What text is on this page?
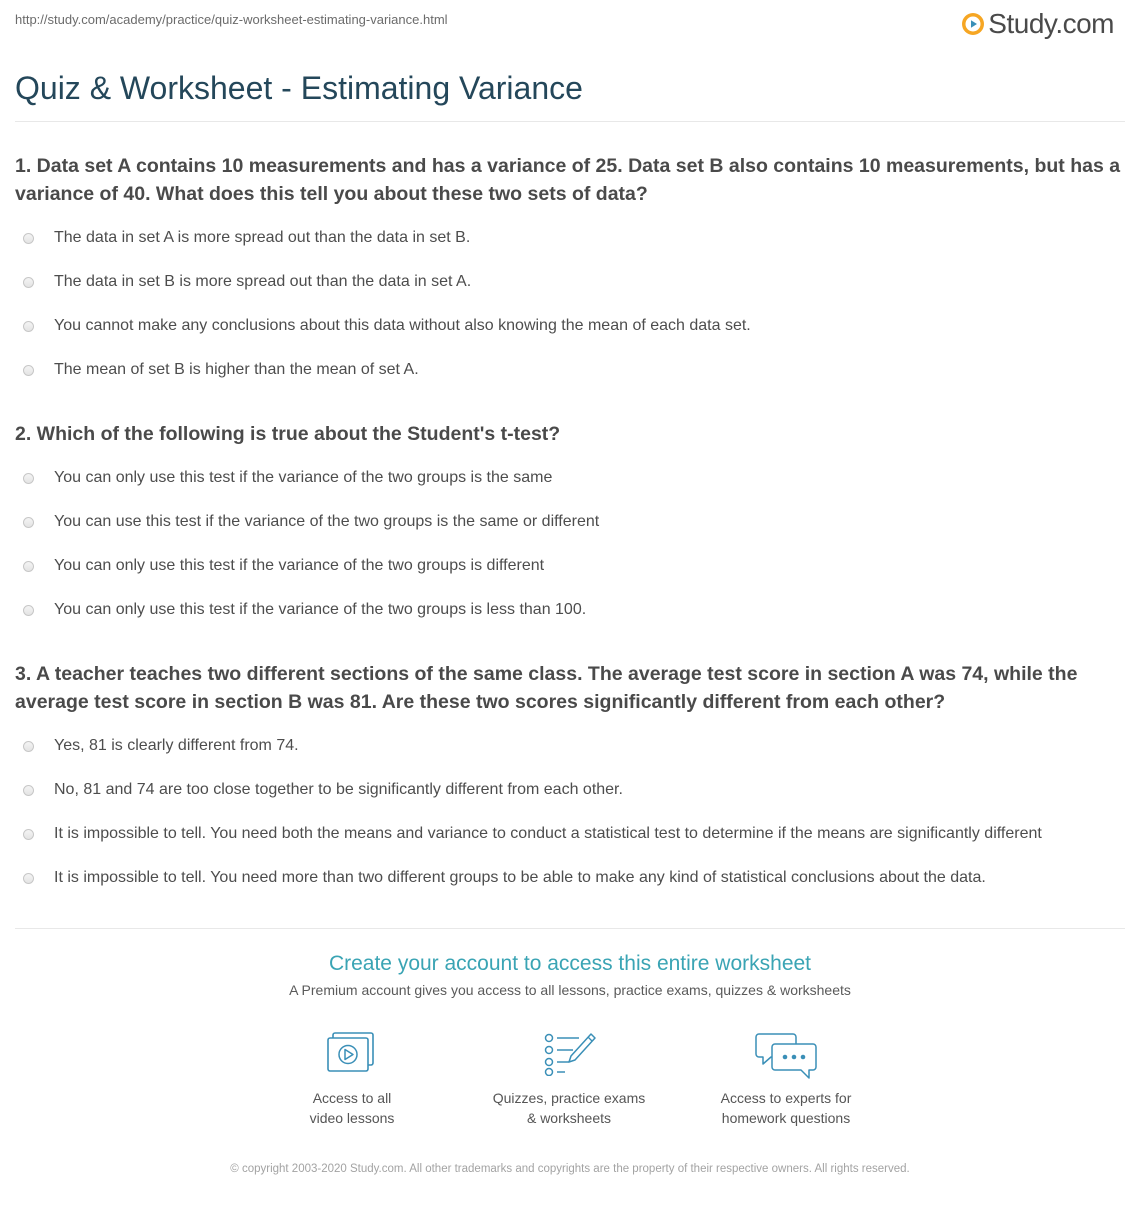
http://study.com/academy/practice/quiz-worksheet-estimating-variance.html	Study.com
Quiz & Worksheet - Estimating Variance
1. Data set A contains 10 measurements and has a variance of 25. Data set B also contains 10 measurements, but has a variance of 40. What does this tell you about these two sets of data?
The data in set A is more spread out than the data in set B.
The data in set B is more spread out than the data in set A.
You cannot make any conclusions about this data without also knowing the mean of each data set.
The mean of set B is higher than the mean of set A.
2. Which of the following is true about the Student's t-test?
You can only use this test if the variance of the two groups is the same
You can use this test if the variance of the two groups is the same or different
You can only use this test if the variance of the two groups is different
You can only use this test if the variance of the two groups is less than 100.
3. A teacher teaches two different sections of the same class. The average test score in section A was 74, while the average test score in section B was 81. Are these two scores significantly different from each other?
Yes, 81 is clearly different from 74.
No, 81 and 74 are too close together to be significantly different from each other.
It is impossible to tell. You need both the means and variance to conduct a statistical test to determine if the means are significantly different
It is impossible to tell. You need more than two different groups to be able to make any kind of statistical conclusions about the data.
Create your account to access this entire worksheet

A Premium account gives you access to all lessons, practice exams, quizzes & worksheets

Access to all
video lessons
Quizzes, practice exams
& worksheets
Access to experts for
homework questions
© copyright 2003-2020 Study.com. All other trademarks and copyrights are the property of their respective owners. All rights reserved.
